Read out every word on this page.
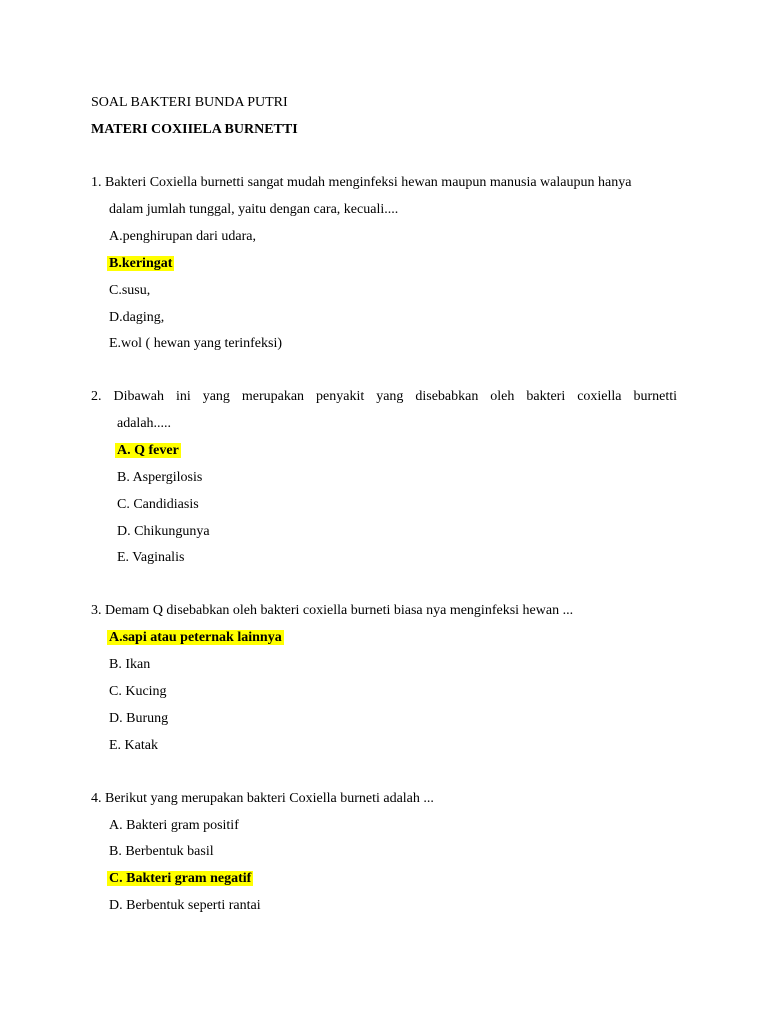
SOAL BAKTERI BUNDA PUTRI
MATERI COXIIELA BURNETTI
1. Bakteri Coxiella burnetti sangat mudah menginfeksi hewan maupun manusia walaupun hanya
dalam jumlah tunggal, yaitu dengan cara, kecuali....
A.penghirupan dari udara,
B.keringat
C.susu,
D.daging,
E.wol ( hewan yang terinfeksi)
2. Dibawah ini yang merupakan penyakit yang disebabkan oleh bakteri coxiella burnetti
adalah.....
A. Q fever
B. Aspergilosis
C. Candidiasis
D. Chikungunya
E. Vaginalis
3. Demam Q disebabkan oleh bakteri coxiella burneti biasa nya menginfeksi hewan ...
A.sapi atau peternak lainnya
B. Ikan
C. Kucing
D. Burung
E. Katak
4. Berikut yang merupakan bakteri Coxiella burneti adalah ...
A. Bakteri gram positif
B. Berbentuk basil
C. Bakteri gram negatif
D. Berbentuk seperti rantai
